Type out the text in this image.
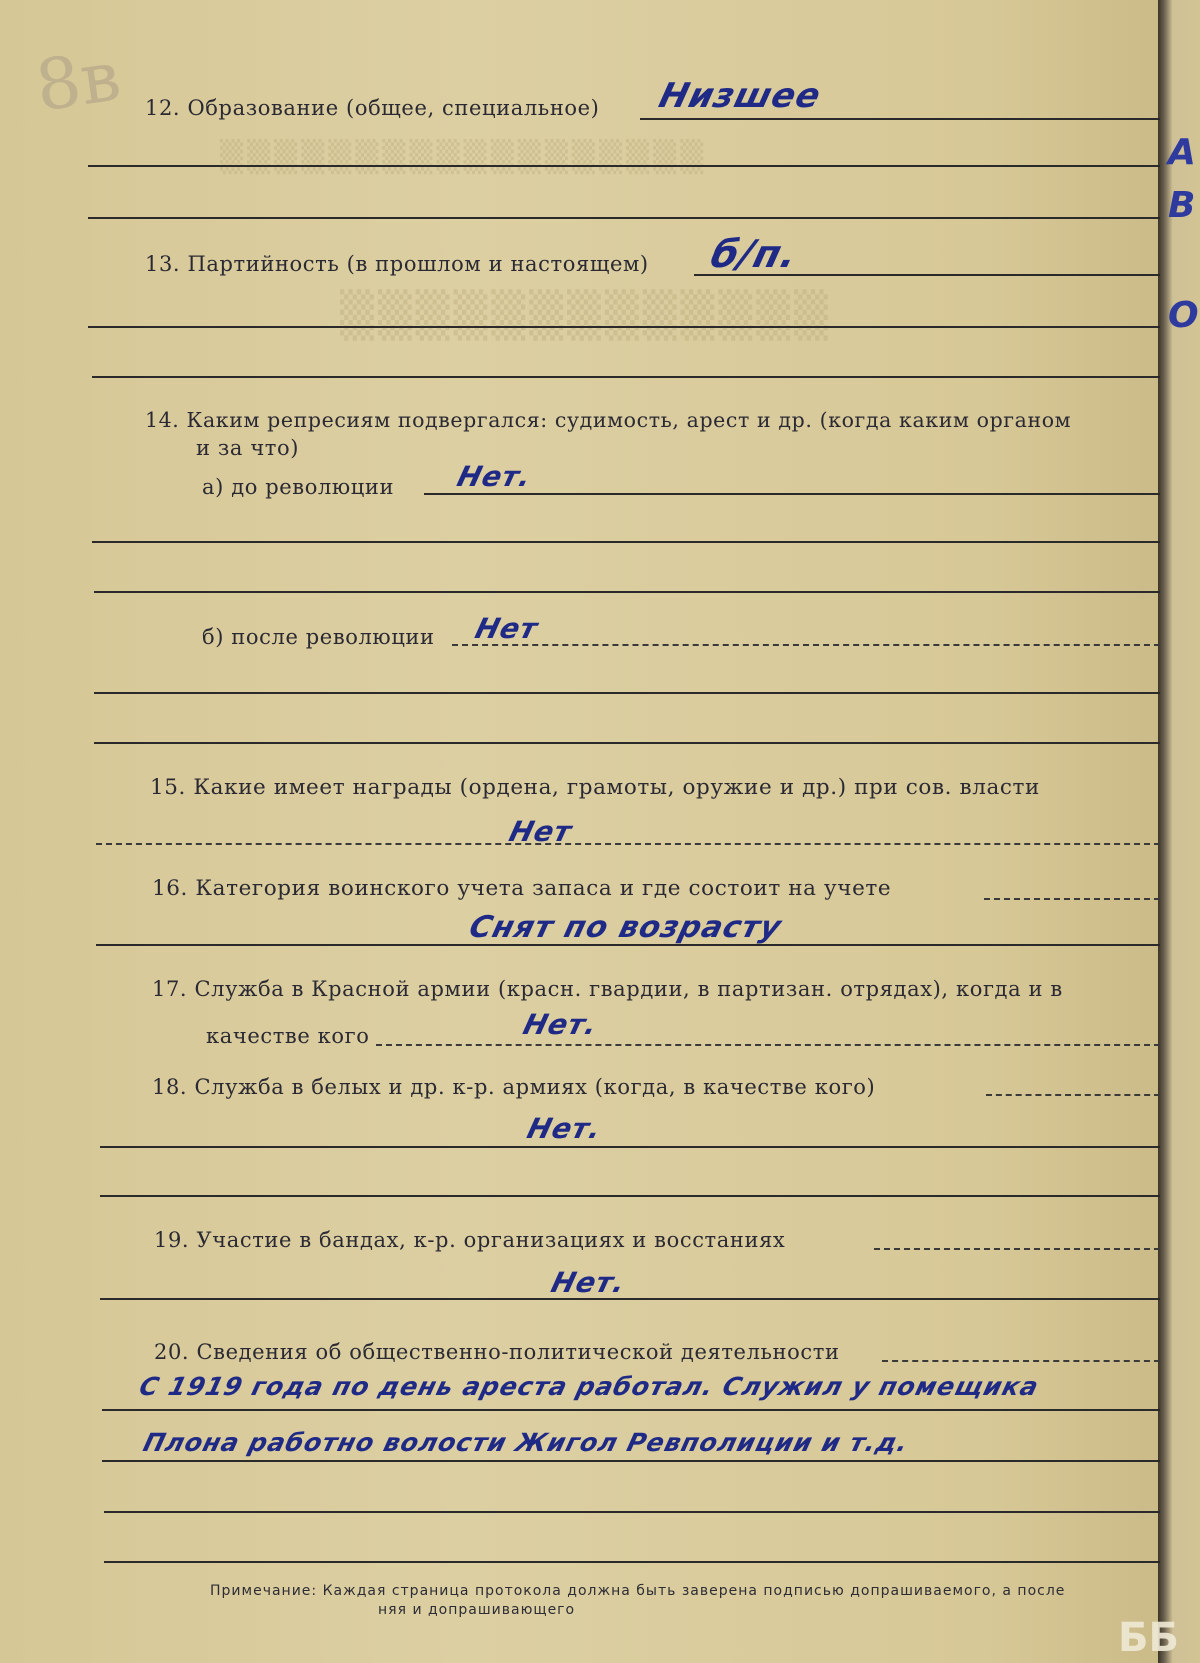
А
В
О
8в
▒▒▒▒▒▒▒▒▒▒▒▒▒▒▒▒▒▒
▒▒▒▒▒▒▒▒▒▒▒▒▒
12. Образование (общее, специальное) Низшее
13. Партийность (в прошлом и настоящем) б/п.
14. Каким репресиям подвергался: судимость, арест и др. (когда каким органом
и за что)
а) до революции Нет.
б) после революции Нет
15. Какие имеет награды (ордена, грамоты, оружие и др.) при сов. власти
Нет
16. Категория воинского учета запаса и где состоит на учете
Снят по возрасту
17. Служба в Красной армии (красн. гвардии, в партизан. отрядах), когда и в
качестве кого	Нет.
18. Служба в белых и др. к-р. армиях (когда, в качестве кого)
Нет.
19. Участие в бандах, к-р. организациях и восстаниях
Нет.
20. Сведения об общественно-политической деятельности
С 1919 года по день ареста работал. Служил у помещика
Плона работно волости Жигол Ревполиции и т.д.
Примечание: Каждая страница протокола должна быть заверена подписью допрашиваемого, а после
няя и допрашивающего
ББ
